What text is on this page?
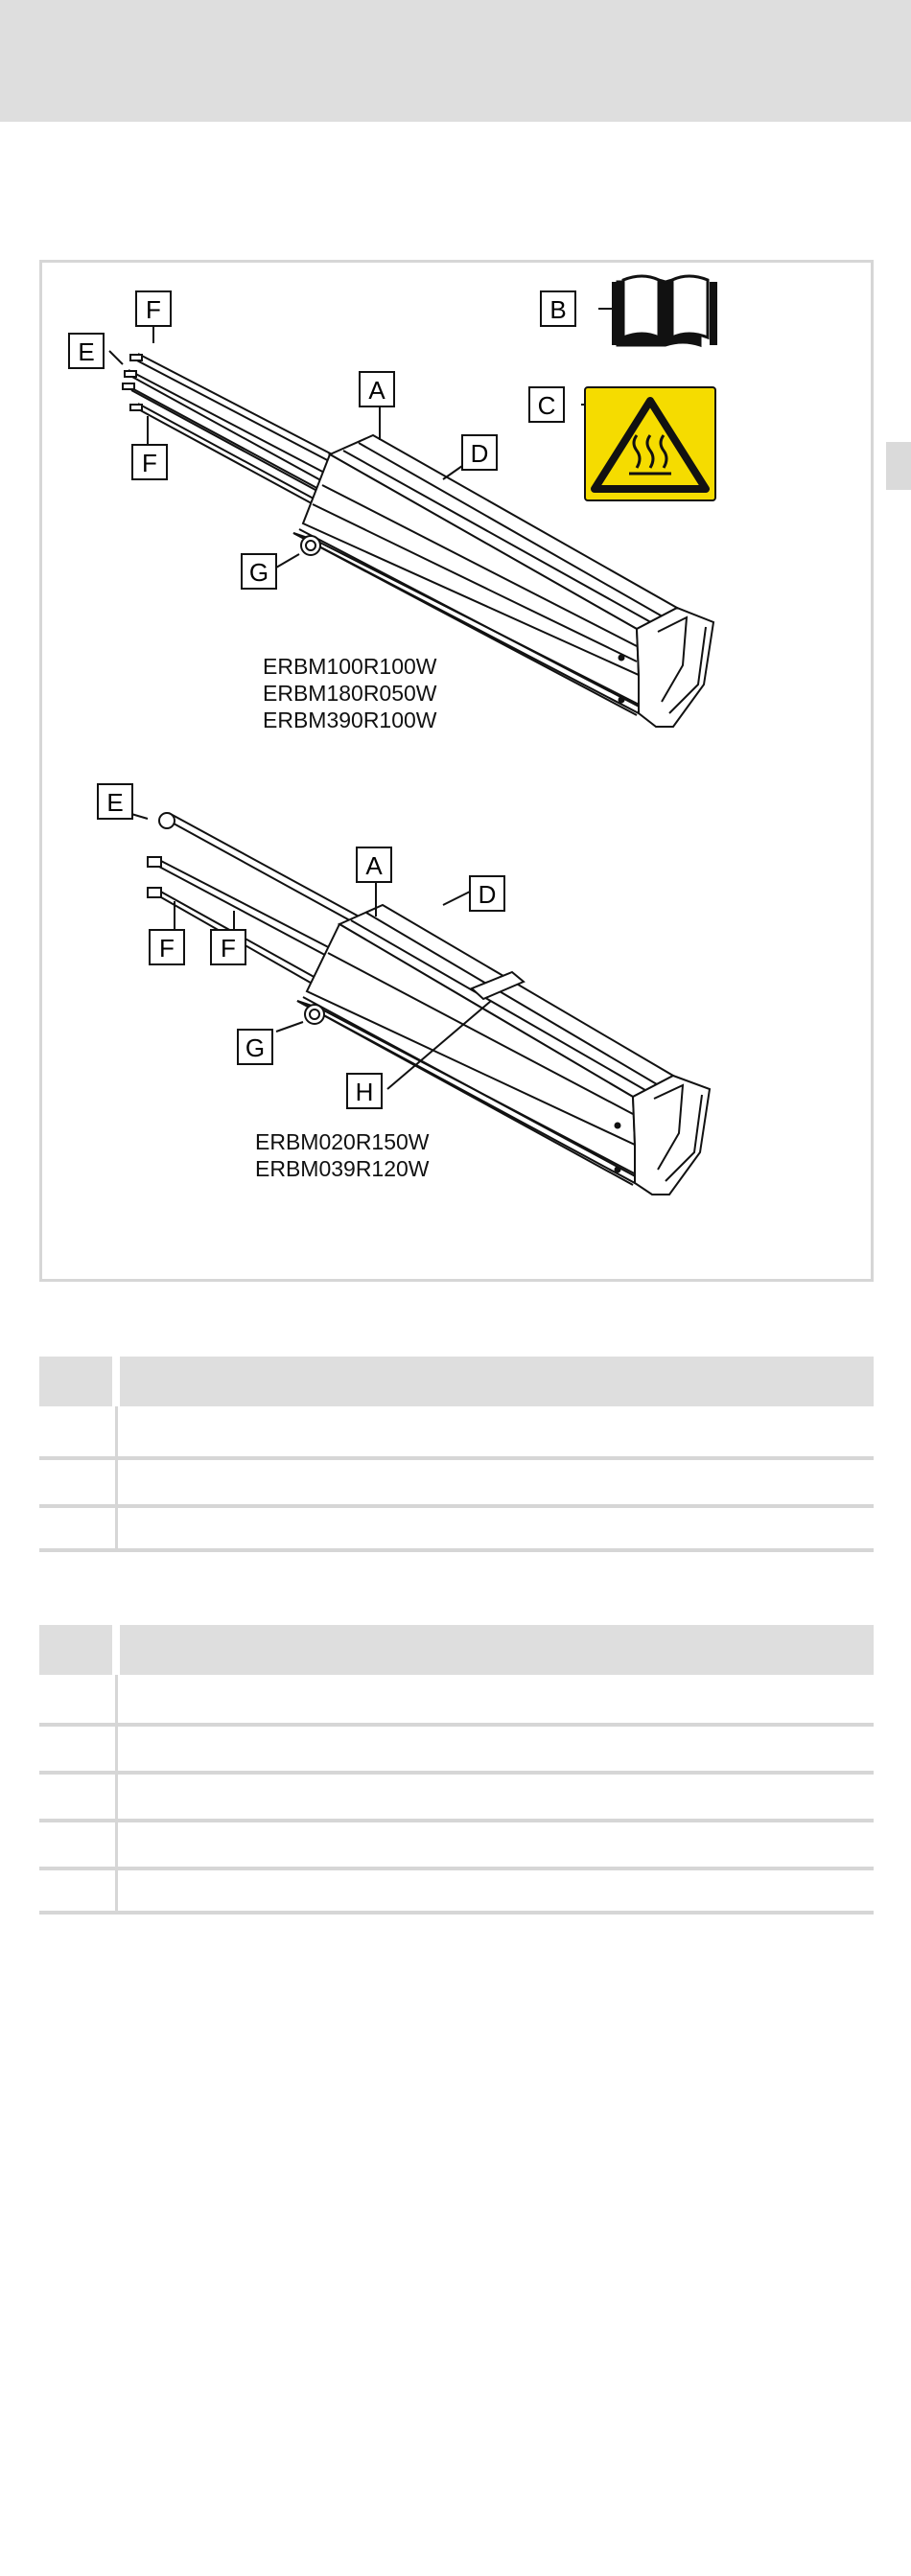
F
E
F
A
D
G
B
C
E
A
D
F F
G
H

ERBM100R100W

ERBM180R050W

ERBM390R100W

ERBM020R150W

ERBM039R120W
